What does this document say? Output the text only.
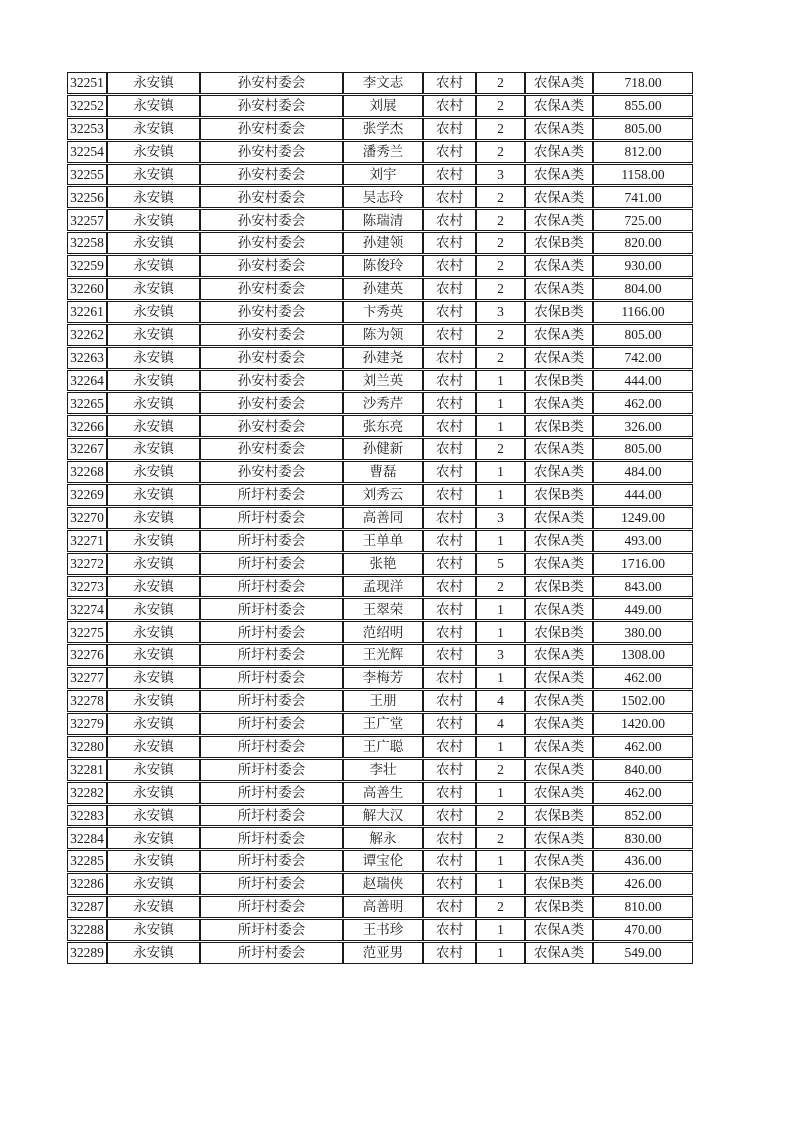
32251	永安镇	孙安村委会	李文志	农村	2	农保A类	718.00
32252	永安镇	孙安村委会	刘展	农村	2	农保A类	855.00
32253	永安镇	孙安村委会	张学杰	农村	2	农保A类	805.00
32254	永安镇	孙安村委会	潘秀兰	农村	2	农保A类	812.00
32255	永安镇	孙安村委会	刘宇	农村	3	农保A类	1158.00
32256	永安镇	孙安村委会	吴志玲	农村	2	农保A类	741.00
32257	永安镇	孙安村委会	陈瑞清	农村	2	农保A类	725.00
32258	永安镇	孙安村委会	孙建领	农村	2	农保B类	820.00
32259	永安镇	孙安村委会	陈俊玲	农村	2	农保A类	930.00
32260	永安镇	孙安村委会	孙建英	农村	2	农保A类	804.00
32261	永安镇	孙安村委会	卞秀英	农村	3	农保B类	1166.00
32262	永安镇	孙安村委会	陈为领	农村	2	农保A类	805.00
32263	永安镇	孙安村委会	孙建尧	农村	2	农保A类	742.00
32264	永安镇	孙安村委会	刘兰英	农村	1	农保B类	444.00
32265	永安镇	孙安村委会	沙秀芹	农村	1	农保A类	462.00
32266	永安镇	孙安村委会	张东亮	农村	1	农保B类	326.00
32267	永安镇	孙安村委会	孙健新	农村	2	农保A类	805.00
32268	永安镇	孙安村委会	曹磊	农村	1	农保A类	484.00
32269	永安镇	所圩村委会	刘秀云	农村	1	农保B类	444.00
32270	永安镇	所圩村委会	高善同	农村	3	农保A类	1249.00
32271	永安镇	所圩村委会	王单单	农村	1	农保A类	493.00
32272	永安镇	所圩村委会	张艳	农村	5	农保A类	1716.00
32273	永安镇	所圩村委会	孟现洋	农村	2	农保B类	843.00
32274	永安镇	所圩村委会	王翠荣	农村	1	农保A类	449.00
32275	永安镇	所圩村委会	范绍明	农村	1	农保B类	380.00
32276	永安镇	所圩村委会	王光辉	农村	3	农保A类	1308.00
32277	永安镇	所圩村委会	李梅芳	农村	1	农保A类	462.00
32278	永安镇	所圩村委会	王朋	农村	4	农保A类	1502.00
32279	永安镇	所圩村委会	王广堂	农村	4	农保A类	1420.00
32280	永安镇	所圩村委会	王广聪	农村	1	农保A类	462.00
32281	永安镇	所圩村委会	李壮	农村	2	农保A类	840.00
32282	永安镇	所圩村委会	高善生	农村	1	农保A类	462.00
32283	永安镇	所圩村委会	解大汉	农村	2	农保B类	852.00
32284	永安镇	所圩村委会	解永	农村	2	农保A类	830.00
32285	永安镇	所圩村委会	谭宝伦	农村	1	农保A类	436.00
32286	永安镇	所圩村委会	赵瑞侠	农村	1	农保B类	426.00
32287	永安镇	所圩村委会	高善明	农村	2	农保B类	810.00
32288	永安镇	所圩村委会	王书珍	农村	1	农保A类	470.00
32289	永安镇	所圩村委会	范亚男	农村	1	农保A类	549.00
